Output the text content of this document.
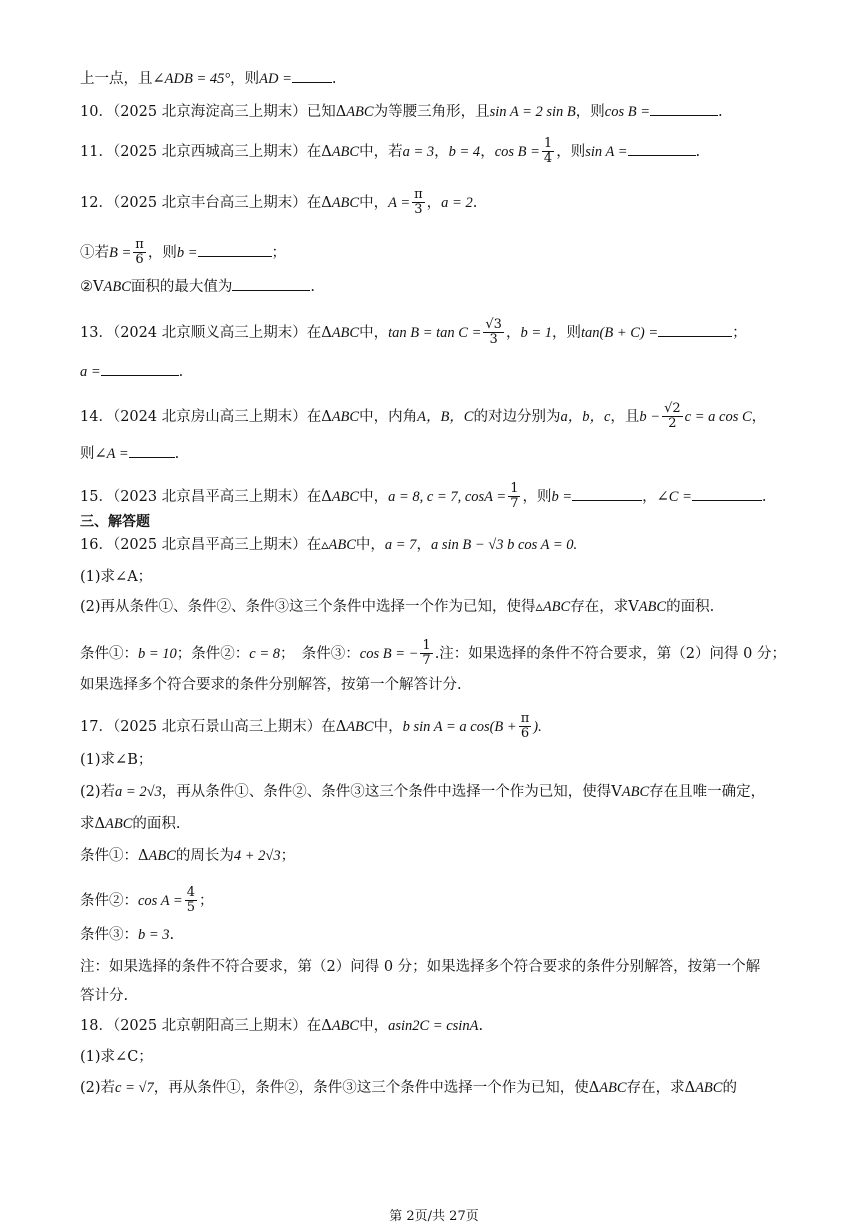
上一点，且∠ADB = 45°，则AD =	.
10．（2025 北京海淀高三上期末）已知ΔABC为等腰三角形，且sin A = 2 sin B，则cos B =	.
11．（2025 北京西城高三上期末）在ΔABC中，若a = 3，b = 4，$\cos B = \frac{1}{4}$ ，则sin A =	.
12．（2025 北京丰台高三上期末）在ΔABC中，$A = \frac{\pi}{3}$ ，a = 2.
①若$B = \frac{\pi}{6}$ ，则b =	；
②VABC面积的最大值为	.
13．（2024 北京顺义高三上期末）在ΔABC中，$\tan B = \tan C = \frac{√3}{3}$ ，b = 1，则tan(B + C) =	；
a =	.
14．（2024 北京房山高三上期末）在ΔABC中，内角A，B，C的对边分别为a，b，c，且$b - \frac{√2}{2}$ c = a cos C，
则∠A =	.
15．（2023 北京昌平高三上期末）在ΔABC中，a = 8, c = 7, $\cos A = \frac{1}{7}$ ，则b =	，∠C =	.
三、解答题
16．（2025 北京昌平高三上期末）在▵ABC中，a = 7，a sin B − √3 b cos A = 0.
(1)求∠A；
(2)再从条件①、条件②、条件③这三个条件中选择一个作为已知，使得▵ABC存在，求VABC的面积.
条件①：b = 10；条件②：c = 8；　条件③：cos B = − $\frac{1}{7}$ .注：如果选择的条件不符合要求，第（2）问得 0 分；
如果选择多个符合要求的条件分别解答，按第一个解答计分.
17．（2025 北京石景山高三上期末）在ΔABC中，b sin A = a $\cos(B + \frac{\pi}{6}$ ).
(1)求∠B；
(2)若a = 2√3，再从条件①、条件②、条件③这三个条件中选择一个作为已知，使得VABC存在且唯一确定，
求ΔABC的面积.
条件①：ΔABC的周长为4 + 2√3；
条件②：$\cos A = \frac{4}{5}$ ；
条件③：b = 3.
注：如果选择的条件不符合要求，第（2）问得 0 分；如果选择多个符合要求的条件分别解答，按第一个解
答计分.
18．（2025 北京朝阳高三上期末）在ΔABC中，asin2C = csinA.
(1)求∠C；
(2)若c = √7，再从条件①，条件②，条件③这三个条件中选择一个作为已知，使ΔABC存在，求ΔABC的
第 2页/共 27页
